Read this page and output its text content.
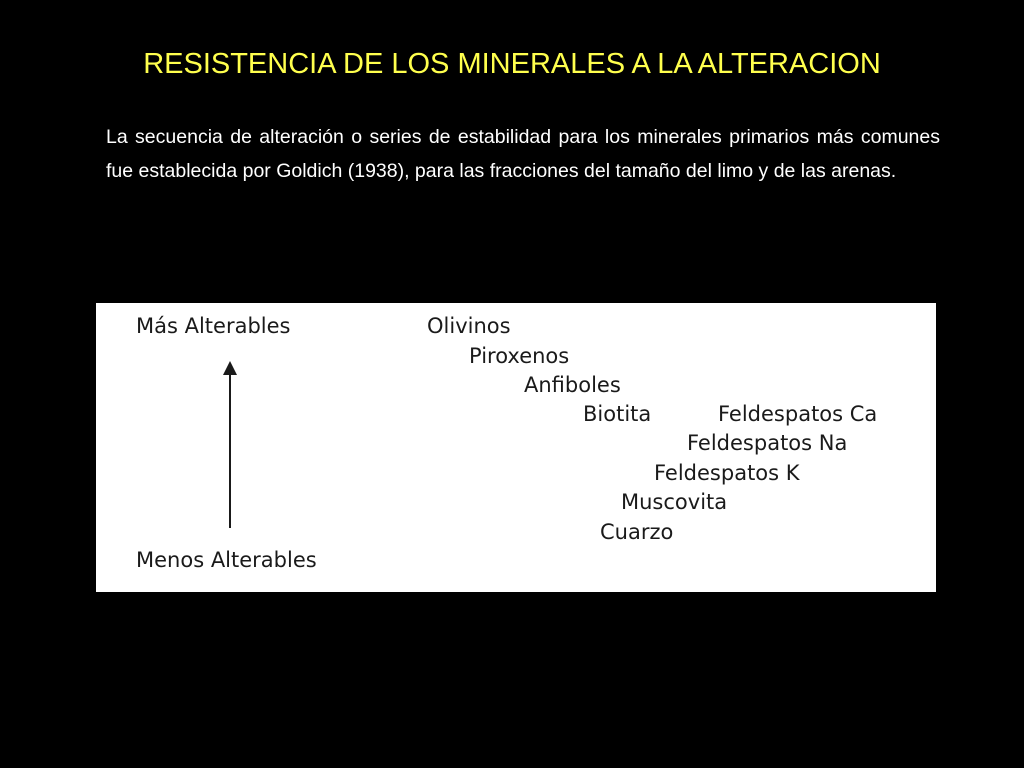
RESISTENCIA DE LOS MINERALES A LA ALTERACION
La secuencia de alteración o series de estabilidad para los minerales primarios más comunes fue establecida por Goldich (1938), para las fracciones del tamaño del limo y de las arenas.
Más Alterables
Menos Alterables
Olivinos
Piroxenos
Anfiboles
Biotita	Feldespatos Ca
Feldespatos Na
Feldespatos K
Muscovita
Cuarzo
